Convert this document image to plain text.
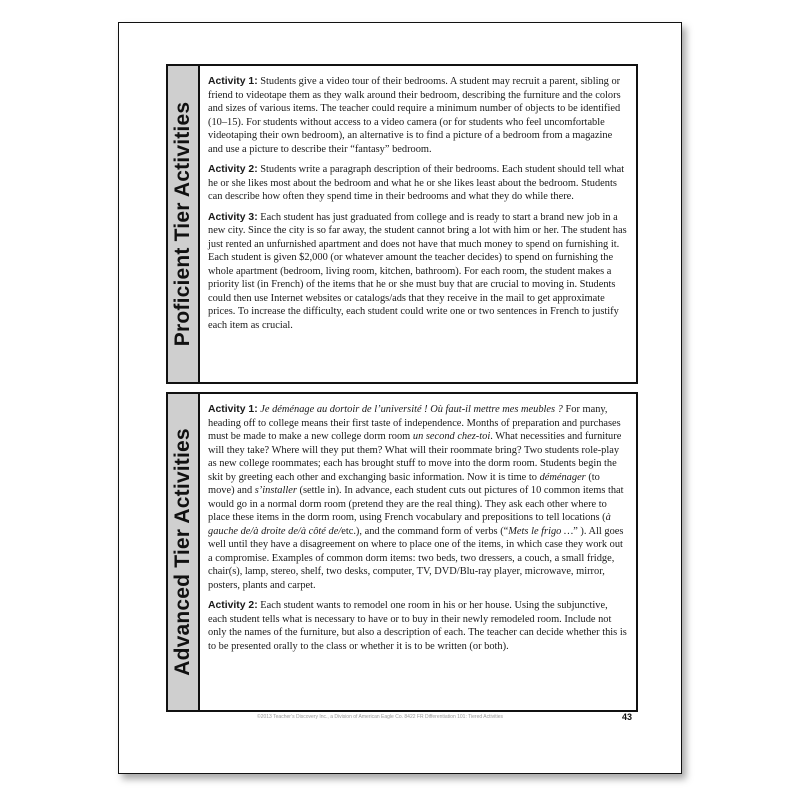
Proficient Tier Activities

Activity 1: Students give a video tour of their bedrooms. A student may recruit a parent, sibling or friend to videotape them as they walk around their bedroom, describing the furniture and the colors and sizes of various items. The teacher could require a minimum number of objects to be identified (10–15). For students without access to a video camera (or for students who feel uncomfortable videotaping their own bedroom), an alternative is to find a picture of a bedroom from a magazine and use a picture to describe their “fantasy” bedroom.

Activity 2: Students write a paragraph description of their bedrooms. Each student should tell what he or she likes most about the bedroom and what he or she likes least about the bedroom. Students can describe how often they spend time in their bedrooms and what they do while there.

Activity 3: Each student has just graduated from college and is ready to start a brand new job in a new city. Since the city is so far away, the student cannot bring a lot with him or her. The student has just rented an unfurnished apartment and does not have that much money to spend on furnishing it. Each student is given $2,000 (or whatever amount the teacher decides) to spend on furnishing the whole apartment (bedroom, living room, kitchen, bathroom). For each room, the student makes a priority list (in French) of the items that he or she must buy that are crucial to moving in. Students could then use Internet websites or catalogs/ads that they receive in the mail to get approximate prices. To increase the difficulty, each student could write one or two sentences in French to justify each item as crucial.

Advanced Tier Activities

Activity 1: Je déménage au dortoir de l’université ! Où faut-il mettre mes meubles ? For many, heading off to college means their first taste of independence. Months of preparation and purchases must be made to make a new college dorm room un second chez-toi. What necessities and furniture will they take? Where will they put them? What will their roommate bring? Two students role-play as new college roommates; each has brought stuff to move into the dorm room. Students begin the skit by greeting each other and exchanging basic information. Now it is time to déménager (to move) and s’installer (settle in). In advance, each student cuts out pictures of 10 common items that would go in a normal dorm room (pretend they are the real thing). They ask each other where to place these items in the dorm room, using French vocabulary and prepositions to tell locations (à gauche de/à droite de/à côté de/etc.), and the command form of verbs (“Mets le frigo …” ). All goes well until they have a disagreement on where to place one of the items, in which case they work out a compromise. Examples of common dorm items: two beds, two dressers, a couch, a small fridge, chair(s), lamp, stereo, shelf, two desks, computer, TV, DVD/Blu-ray player, microwave, mirror, posters, plants and carpet.

Activity 2: Each student wants to remodel one room in his or her house. Using the subjunctive, each student tells what is necessary to have or to buy in their newly remodeled room. Include not only the names of the furniture, but also a description of each. The teacher can decide whether this is to be presented orally to the class or whether it is to be written (or both).

©2013 Teacher’s Discovery Inc., a Division of American Eagle Co. 8422 FR Differentiation 101: Tiered Activities	43
